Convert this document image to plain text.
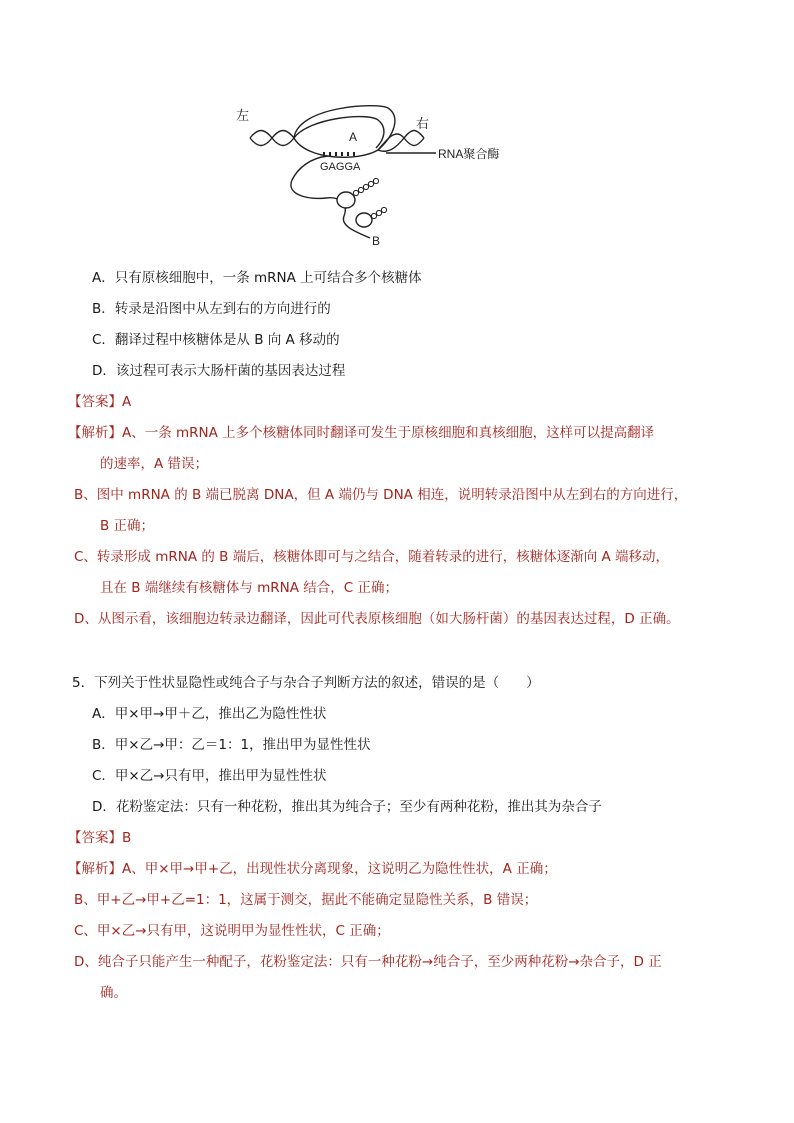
左
右
A
GAGGA
RNA聚合酶
B
A．只有原核细胞中，一条 mRNA 上可结合多个核糖体
B．转录是沿图中从左到右的方向进行的
C．翻译过程中核糖体是从 B 向 A 移动的
D．该过程可表示大肠杆菌的基因表达过程
【答案】A
【解析】A、一条 mRNA 上多个核糖体同时翻译可发生于原核细胞和真核细胞，这样可以提高翻译
的速率，A 错误；
B、图中 mRNA 的 B 端已脱离 DNA，但 A 端仍与 DNA 相连，说明转录沿图中从左到右的方向进行，
B 正确；
C、转录形成 mRNA 的 B 端后，核糖体即可与之结合，随着转录的进行，核糖体逐渐向 A 端移动，
且在 B 端继续有核糖体与 mRNA 结合，C 正确；
D、从图示看，该细胞边转录边翻译，因此可代表原核细胞（如大肠杆菌）的基因表达过程，D 正确。
5．下列关于性状显隐性或纯合子与杂合子判断方法的叙述，错误的是（　　）
A．甲×甲→甲＋乙，推出乙为隐性性状
B．甲×乙→甲：乙＝1：1，推出甲为显性性状
C．甲×乙→只有甲，推出甲为显性性状
D．花粉鉴定法：只有一种花粉，推出其为纯合子；至少有两种花粉，推出其为杂合子
【答案】B
【解析】A、甲×甲→甲+乙，出现性状分离现象，这说明乙为隐性性状，A 正确；
B、甲+乙→甲+乙=1：1，这属于测交，据此不能确定显隐性关系，B 错误；
C、甲×乙→只有甲，这说明甲为显性性状，C 正确；
D、纯合子只能产生一种配子，花粉鉴定法：只有一种花粉→纯合子，至少两种花粉→杂合子，D 正
确。
